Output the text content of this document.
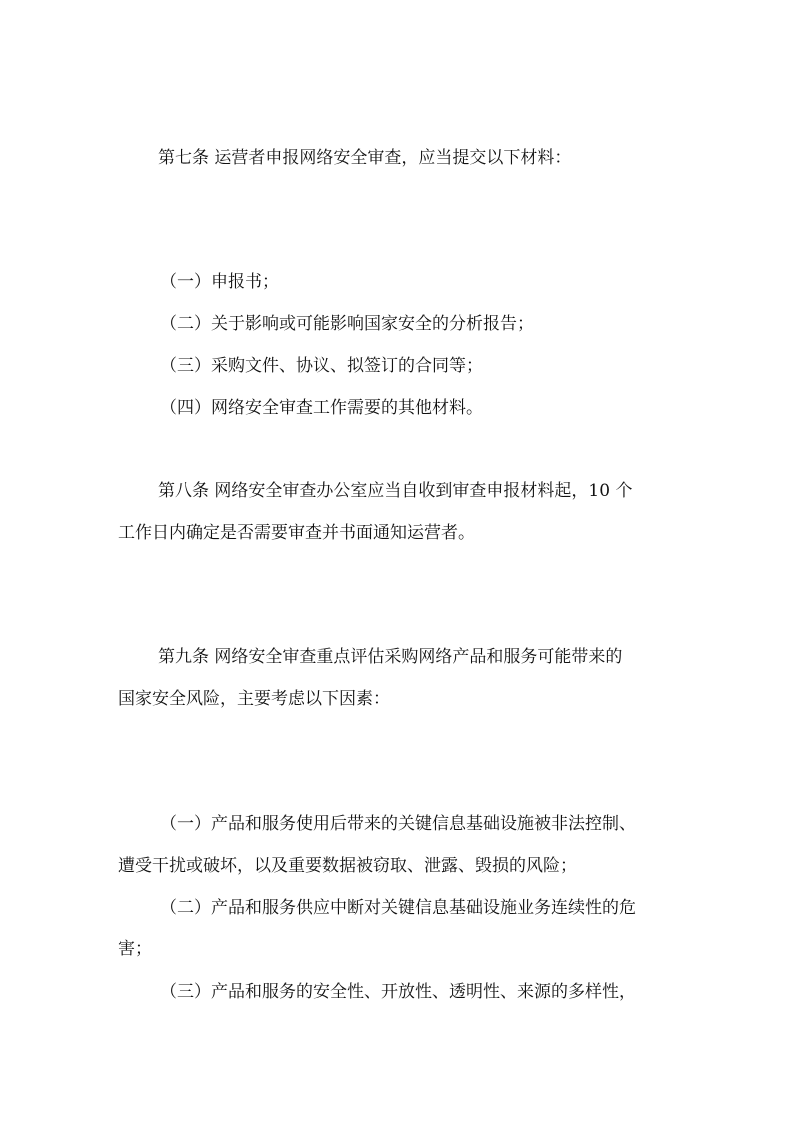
第七条 运营者申报网络安全审查，应当提交以下材料：
（一）申报书；
（二）关于影响或可能影响国家安全的分析报告；
（三）采购文件、协议、拟签订的合同等；
（四）网络安全审查工作需要的其他材料。
第八条 网络安全审查办公室应当自收到审查申报材料起，10 个
工作日内确定是否需要审查并书面通知运营者。
第九条 网络安全审查重点评估采购网络产品和服务可能带来的
国家安全风险，主要考虑以下因素：
（一）产品和服务使用后带来的关键信息基础设施被非法控制、
遭受干扰或破坏，以及重要数据被窃取、泄露、毁损的风险；
（二）产品和服务供应中断对关键信息基础设施业务连续性的危
害；
（三）产品和服务的安全性、开放性、透明性、来源的多样性，
